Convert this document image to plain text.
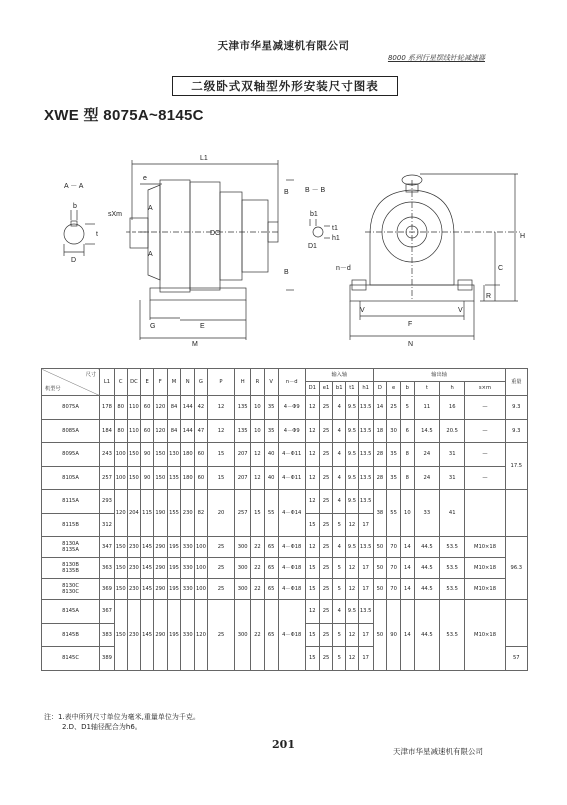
天津市华星减速机有限公司
8000 系列行星摆线针轮减速器
二级卧式双轴型外形安装尺寸图表
XWE 型 8075A~8145C
A － A
b
t
D
sXm
e
L1
A
A
B
B
DC
G	E
M
B － B
b1
t1
h1
D1
H
C
R
n－d
V	V
F
N
尺寸
机型号	L1	C	DC	E	F	M	N	G	P	H	R	V	n－d	输入轴					输出轴						重量
														D1	e1	b1	t1	h1	D	e	b	t	h	s×m	
8075A	178	80	110	60	120	84	144	42	12	135	10	35	4－Φ9	12	25	4	9.5	13.5	14	25	5	11	16	—	9.3
8085A	184	80	110	60	120	84	144	47	12	135	10	35	4－Φ9	12	25	4	9.5	13.5	18	30	6	14.5	20.5	—	9.3
8095A	243	100	150	90	150	130	180	60	15	207	12	40	4－Φ11	12	25	4	9.5	13.5	28	35	8	24	31	—	17.5
8105A	257	100	150	90	150	135	180	60	15	207	12	40	4－Φ11	12	25	4	9.5	13.5	28	35	8	24	31	—	
8115A	293	120	204	115	190	155	230	82	20	257	15	55	4－Φ14	12	25	4	9.5	13.5	38	55	10	33	41		
8115B	312													15	25	5	12	17							
8130A
8135A	347	150	230	145	290	195	330	100	25	300	22	65	4－Φ18	12	25	4	9.5	13.5	50	70	14	44.5	53.5	M10×18	96.3
8130B
8135B	363	150	230	145	290	195	330	100	25	300	22	65	4－Φ18	15	25	5	12	17	50	70	14	44.5	53.5	M10×18	
8130C
8130C	369	150	230	145	290	195	330	100	25	300	22	65	4－Φ18	15	25	5	12	17	50	70	14	44.5	53.5	M10×18	
8145A	367	150	230	145	290	195	330	120	25	300	22	65	4－Φ18	12	25	4	9.5	13.5	50	90	14	44.5	53.5	M10×18	
8145B	383													15	25	5	12	17							
8145C	389													15	25	5	12	17							57
注：1.表中所列尺寸单位为毫米,重量单位为千克。
2.D、D1轴径配合为h6。
201
天津市华星减速机有限公司
